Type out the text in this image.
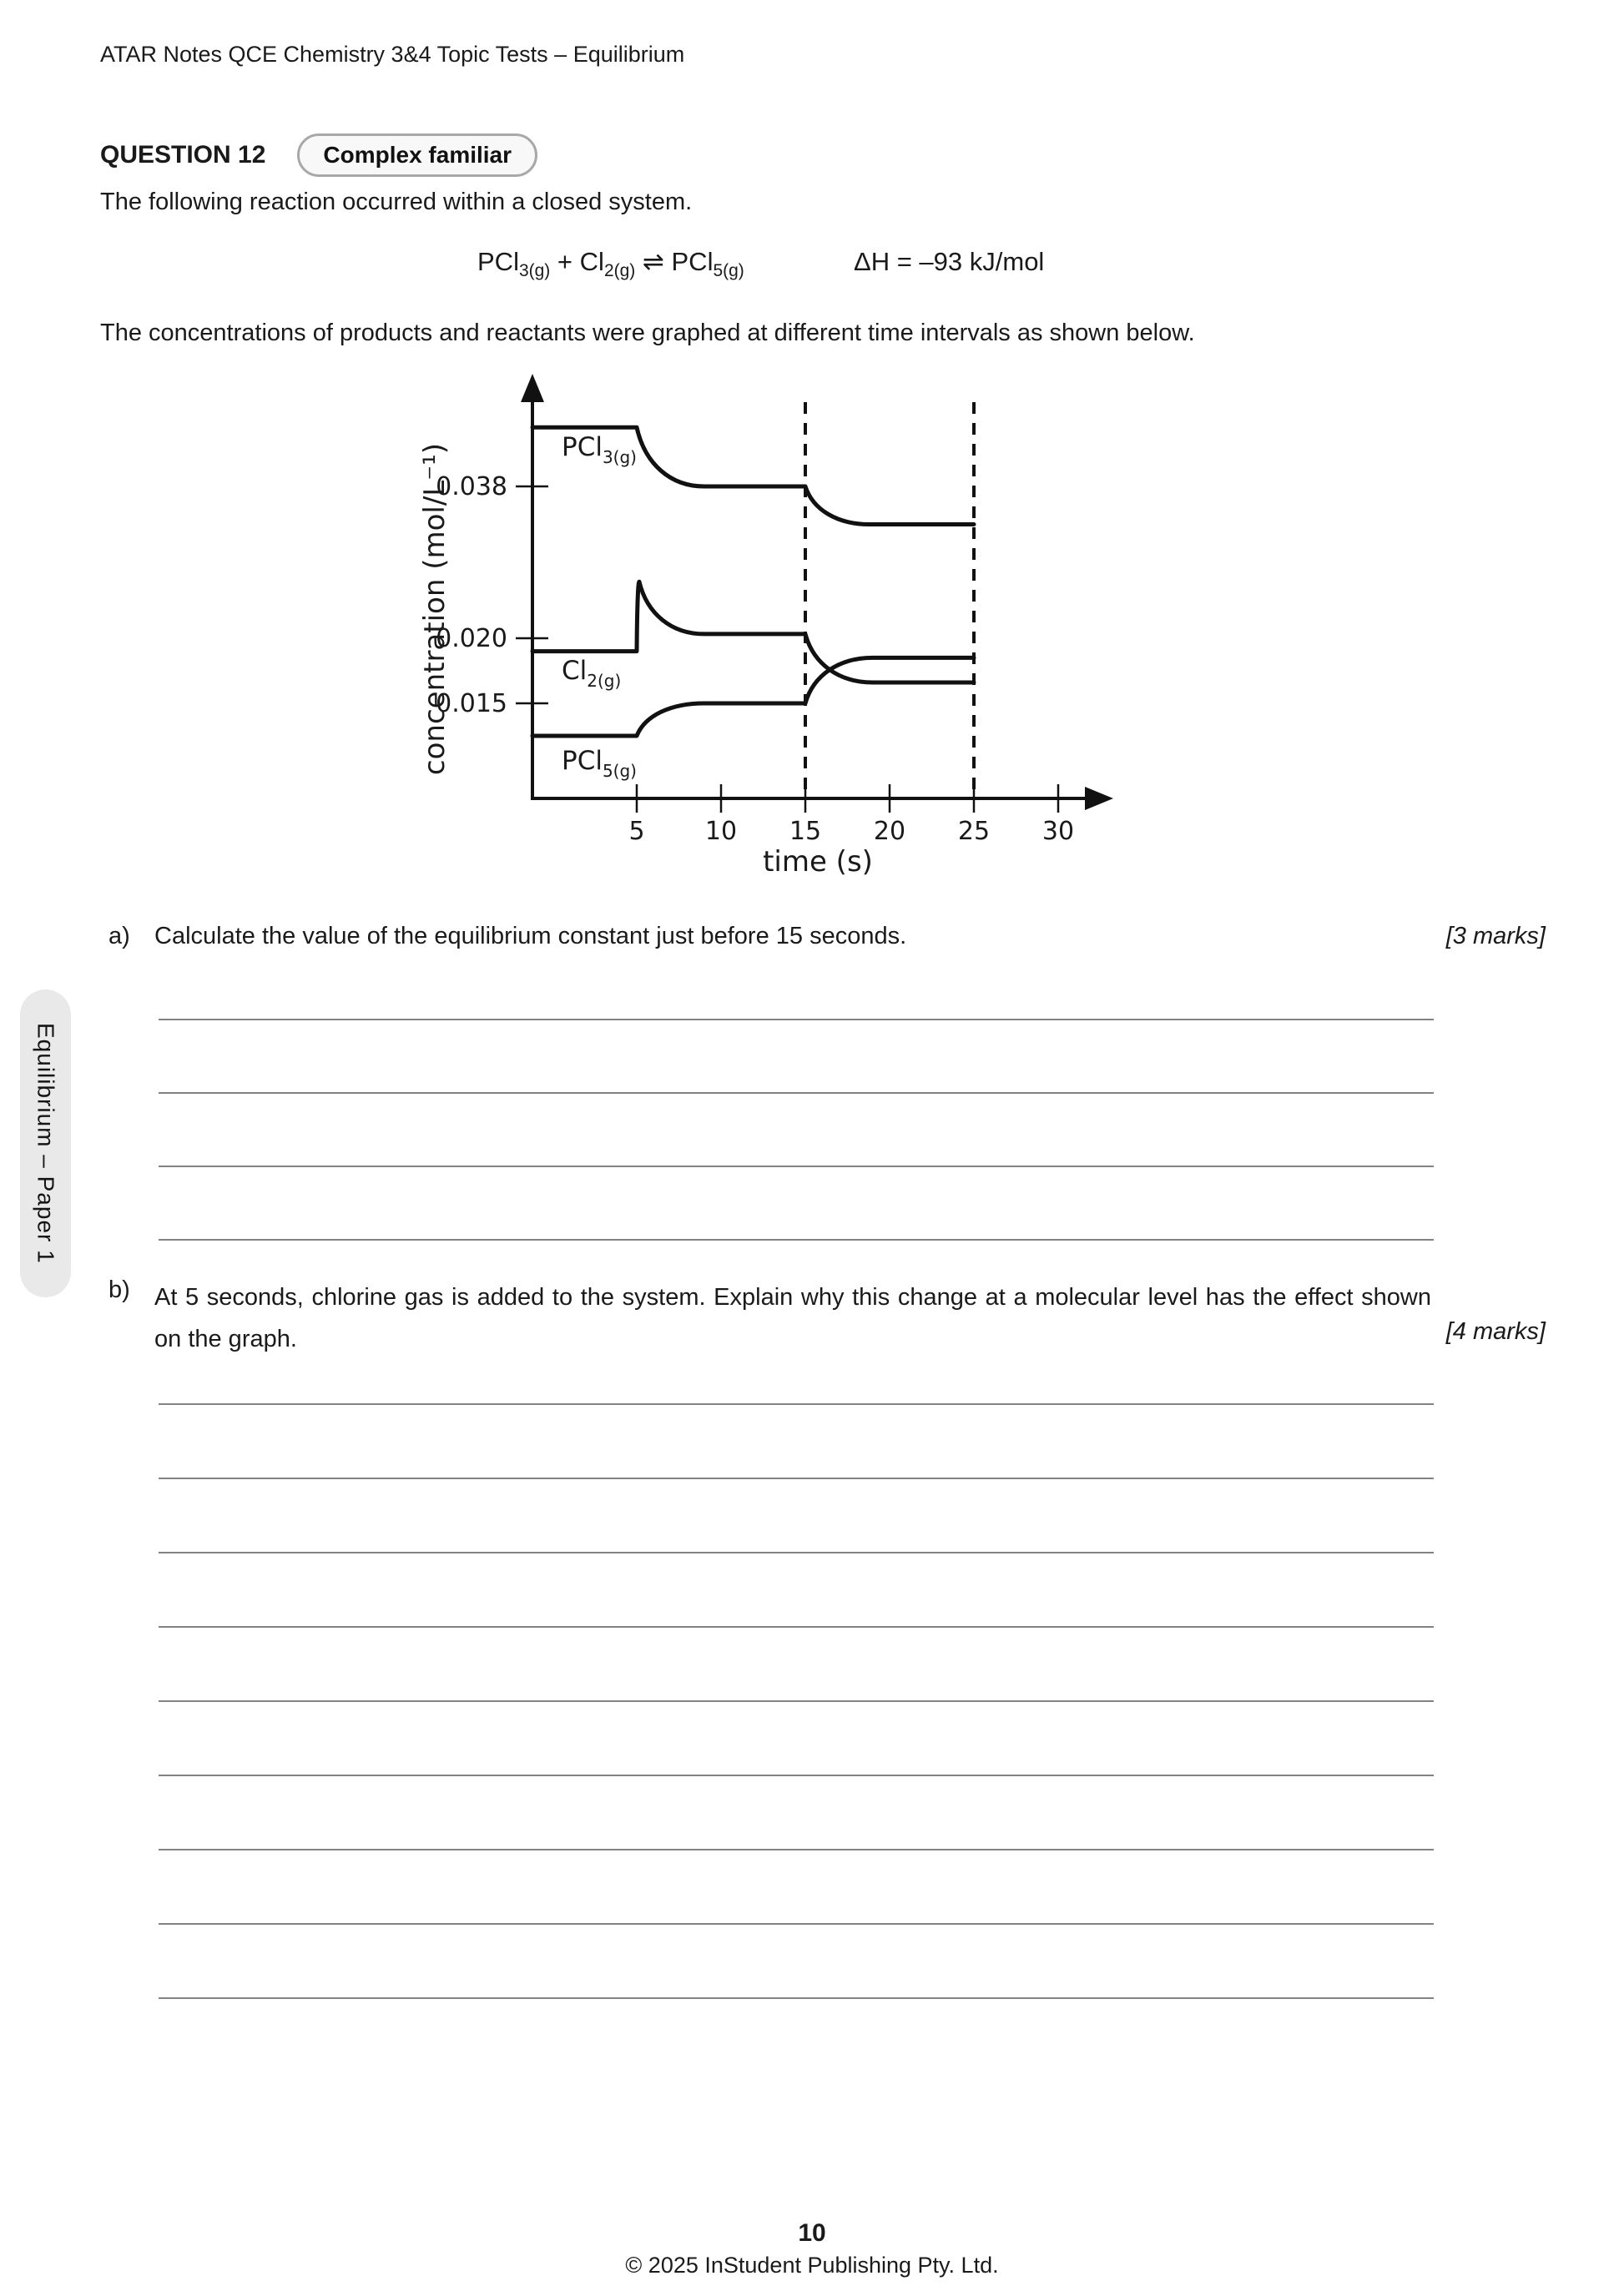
ATAR Notes QCE Chemistry 3&4 Topic Tests – Equilibrium
QUESTION 12	Complex familiar
The following reaction occurred within a closed system.
$PCl_{3(g)} + Cl_{2(g)}$ ⇌ PCl$_{5(g)}$	ΔH = –93 kJ/mol
The concentrations of products and reactants were graphed at different time intervals as shown below.
0.038
0.020
0.015
5 10 15 20 25 30
PCl$_{3(g)}$
$Cl_{2(g)}$
PCl$_{5(g)}$
time (s)
concentration (mol/L⁻¹)
a) Calculate the value of the equilibrium constant just before 15 seconds.	[3 marks]
b) At 5 seconds, chlorine gas is added to the system. Explain why this change at a molecular level has the effect shown on the graph.	[4 marks]
Equilibrium – Paper 1
10
© 2025 InStudent Publishing Pty. Ltd.
